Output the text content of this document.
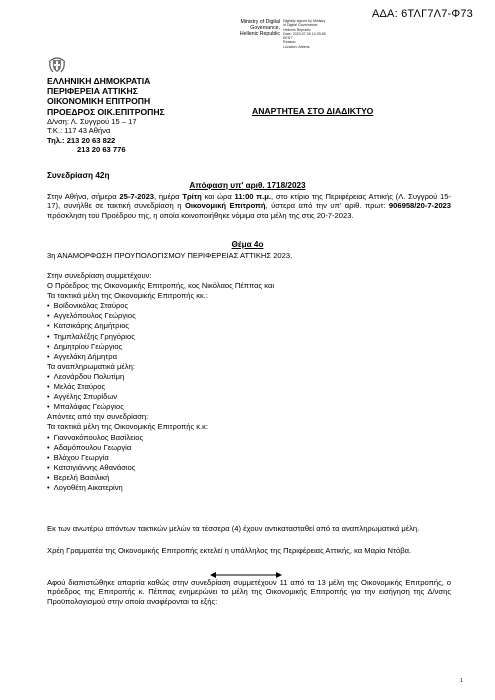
ΑΔΑ: 6ΤΛΓ7Λ7-Φ73
Ministry of Digital
Governance,
Hellenic Republic
Digitally signed by Ministry
of Digital Governance,
Hellenic Republic
Date: 2023.07.26 12:25:58
EEST
Reason:
Location: Athens
ΕΛΛΗΝΙΚΗ ΔΗΜΟΚΡΑΤΙΑ
ΠΕΡΙΦΕΡΕΙΑ ΑΤΤΙΚΗΣ
ΟΙΚΟΝΟΜΙΚΗ ΕΠΙΤΡΟΠΗ
ΠΡΟΕΔΡΟΣ ΟΙΚ.ΕΠΙΤΡΟΠΗΣ	ΑΝΑΡΤΗΤΕΑ ΣΤΟ ΔΙΑΔΙΚΤΥΟ
Δ/νση: Λ. Συγγρού 15 – 17
Τ.Κ.: 117 43 Αθήνα
Τηλ.: 213 20 63 822
213 20 63 776
Συνεδρίαση 42η
Απόφαση υπ' αριθ. 1718/2023
Στην Αθήνα, σήμερα 25-7-2023, ημέρα Τρίτη και ώρα 11:00 π.μ., στο κτίριο της Περιφέρειας Αττικής (Λ. Συγγρού 15-17), συνήλθε σε τακτική συνεδρίαση η Οικονομική Επιτροπή, ύστερα από την υπ' αριθ. πρωτ: 906958/20-7-2023 πρόσκληση του Προέδρου της, η οποία κοινοποιήθηκε νόμιμα στα μέλη της στις 20-7-2023.
Θέμα 4ο
3η ΑΝΑΜΟΡΦΩΣΗ ΠΡΟΥΠΟΛΟΓΙΣΜΟΥ ΠΕΡΙΦΕΡΕΙΑΣ ΑΤΤΙΚΗΣ 2023.
Στην συνεδρίαση συμμετέχουν:
Ο Πρόεδρος της Οικονομικής Επιτροπής, κος Νικόλαος Πέππας και
Τα τακτικά μέλη της Οικονομικής Επιτροπής κκ.:
• Βοϊδονικόλας Σταύρος
• Αγγελόπουλος Γεώργιος
• Κατσικάρης Δημήτριος
• Τημπλαλέξης Γρηγόριος
• Δημητρίου Γεώργιος
• Αγγελάκη Δήμητρα
Τα αναπληρωματικά μέλη:
• Λεονάρδου Πολυτίμη
• Μελάς Σταύρος
• Αγγέλης Σπυρίδων
• Μπαλάφας Γεώργιος
Απόντες από την συνεδρίαση:
Τα τακτικά μέλη της Οικονομικής Επιτροπής κ.κ:
• Γιαννακόπουλος Βασίλειος
• Αδαμόπουλου Γεωργία
• Βλάχου Γεωργία
• Κατσιγιάννης Αθανάσιος
• Βερελή Βασιλική
• Λογοθέτη Αικατερίνη
Εκ των ανωτέρω απόντων τακτικών μελών τα τέσσερα (4) έχουν αντικατασταθεί από τα αναπληρωματικά μέλη.
Χρέη Γραμματέα της Οικονομικής Επιτροπής εκτελεί η υπάλληλος της Περιφέρειας Αττικής, κα Μαρία Ντόβα.
Αφού διαπιστώθηκε απαρτία καθώς στην συνεδρίαση συμμετέχουν 11 από τα 13 μέλη της Οικονομικής Επιτροπής, ο πρόεδρος της Επιτροπής κ. Πέππας ενημερώνει τα μέλη της Οικονομικής Επιτροπής για την εισήγηση της Δ/νσης Προϋπολογισμού στην οποία αναφέρονται τα εξής:
1
